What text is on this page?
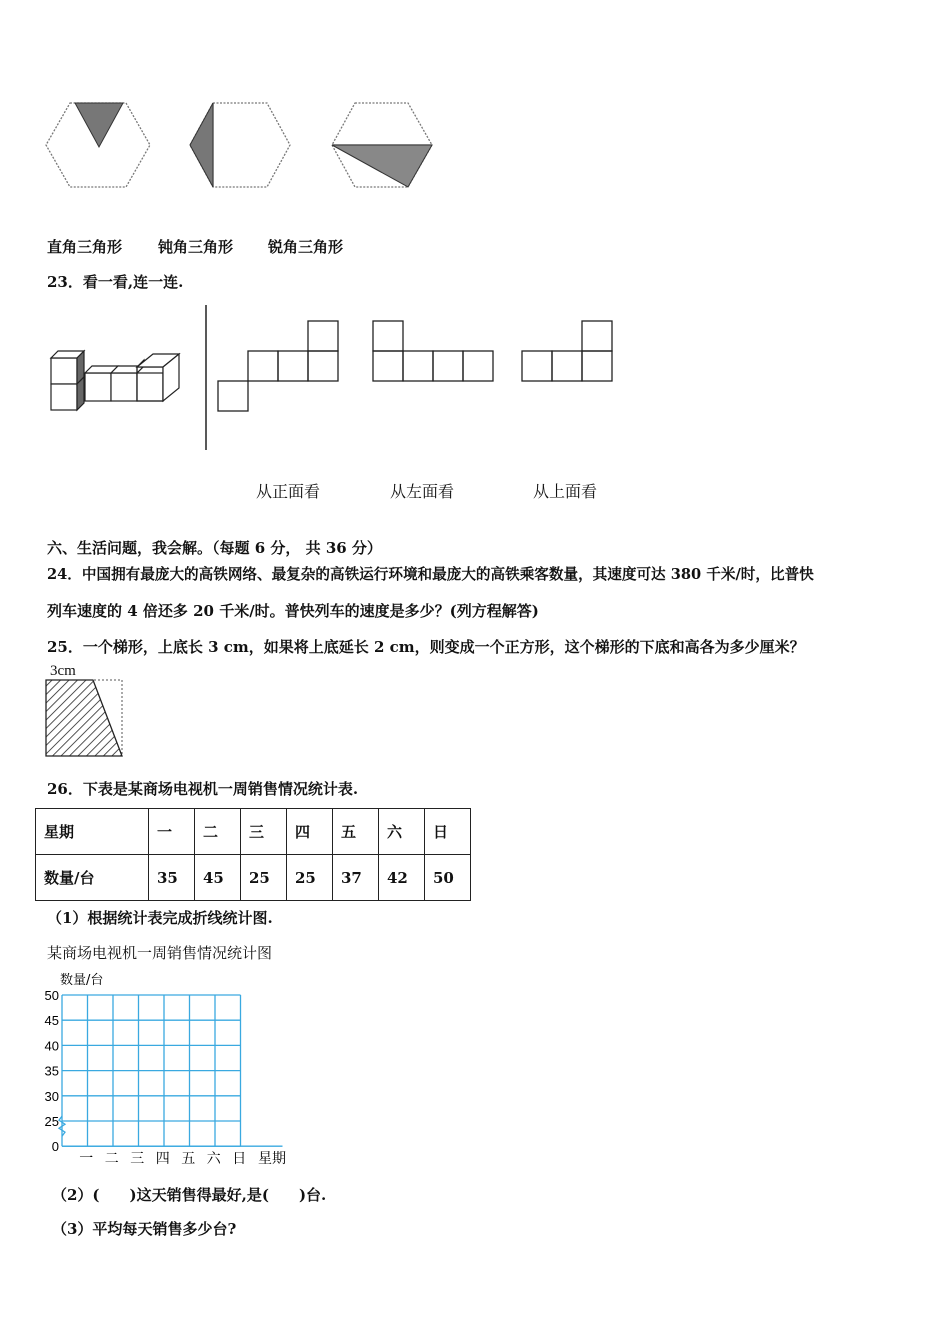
直角三角形 钝角三角形 锐角三角形
23．看一看,连一连.
从正面看	从左面看	从上面看
六、生活问题，我会解。（每题 6 分， 共 36 分）
24．中国拥有最庞大的高铁网络、最复杂的高铁运行环境和最庞大的高铁乘客数量，其速度可达 380 千米/时，比普快
列车速度的 4 倍还多 20 千米/时。普快列车的速度是多少？(列方程解答)
25．一个梯形，上底长 3 cm，如果将上底延长 2 cm，则变成一个正方形，这个梯形的下底和高各为多少厘米？
3cm
26．下表是某商场电视机一周销售情况统计表.
星期	一	二	三	四	五	六	日
数量/台	35	45	25	25	37	42	50
（1）根据统计表完成折线统计图.
某商场电视机一周销售情况统计图
数量/台
50
45
40
35
30
25
0
一 二 三 四 五 六 日 星期
（2）(　　)这天销售得最好,是(　　)台.
（3）平均每天销售多少台?
